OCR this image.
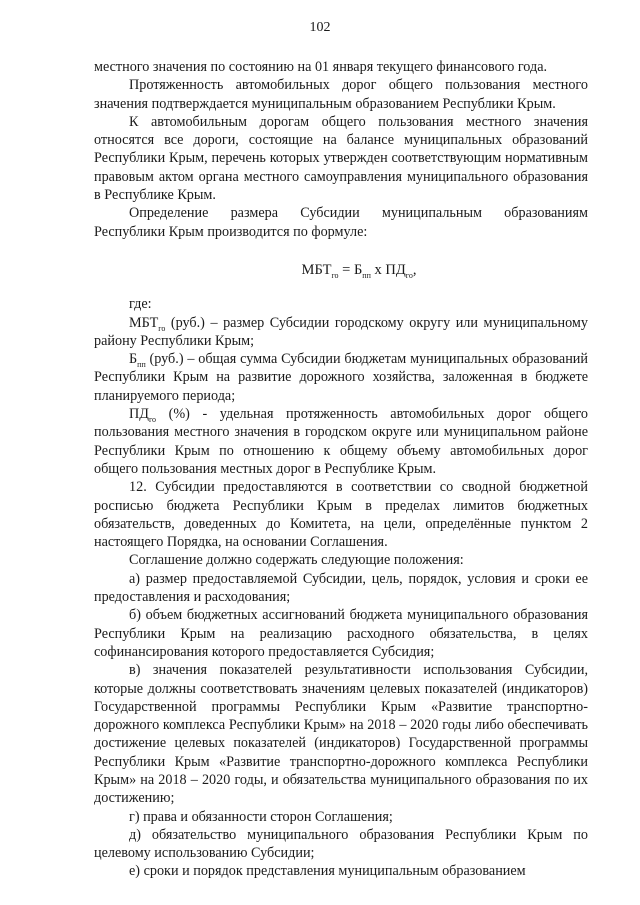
102

местного значения по состоянию на 01 января текущего финансового года.

Протяженность автомобильных дорог общего пользования местного значения подтверждается муниципальным образованием Республики Крым.

К автомобильным дорогам общего пользования местного значения относятся все дороги, состоящие на балансе муниципальных образований Республики Крым, перечень которых утвержден соответствующим нормативным правовым актом органа местного самоуправления муниципального образования в Республике Крым.

Определение размера Субсидии муниципальным образованиям Республики Крым производится по формуле:

$МБТ_{го} = Б_{пп}$ х $ПД_{го}$,

где:

$МБТ_{го}$ (руб.) – размер Субсидии городскому округу или муниципальному району Республики Крым;

$Б_{пп}$ (руб.) – общая сумма Субсидии бюджетам муниципальных образований Республики Крым на развитие дорожного хозяйства, заложенная в бюджете планируемого периода;

$ПД_{го}$ (%) - удельная протяженность автомобильных дорог общего пользования местного значения в городском округе или муниципальном районе Республики Крым по отношению к общему объему автомобильных дорог общего пользования местных дорог в Республике Крым.

12. Субсидии предоставляются в соответствии со сводной бюджетной росписью бюджета Республики Крым в пределах лимитов бюджетных обязательств, доведенных до Комитета, на цели, определённые пунктом 2 настоящего Порядка, на основании Соглашения.

Соглашение должно содержать следующие положения:

а) размер предоставляемой Субсидии, цель, порядок, условия и сроки ее предоставления и расходования;

б) объем бюджетных ассигнований бюджета муниципального образования Республики Крым на реализацию расходного обязательства, в целях софинансирования которого предоставляется Субсидия;

в) значения показателей результативности использования Субсидии, которые должны соответствовать значениям целевых показателей (индикаторов) Государственной программы Республики Крым «Развитие транспортно-дорожного комплекса Республики Крым» на 2018 – 2020 годы либо обеспечивать достижение целевых показателей (индикаторов) Государственной программы Республики Крым «Развитие транспортно-дорожного комплекса Республики Крым» на 2018 – 2020 годы, и обязательства муниципального образования по их достижению;

г) права и обязанности сторон Соглашения;

д) обязательство муниципального образования Республики Крым по целевому использованию Субсидии;

е) сроки и порядок представления муниципальным образованием
